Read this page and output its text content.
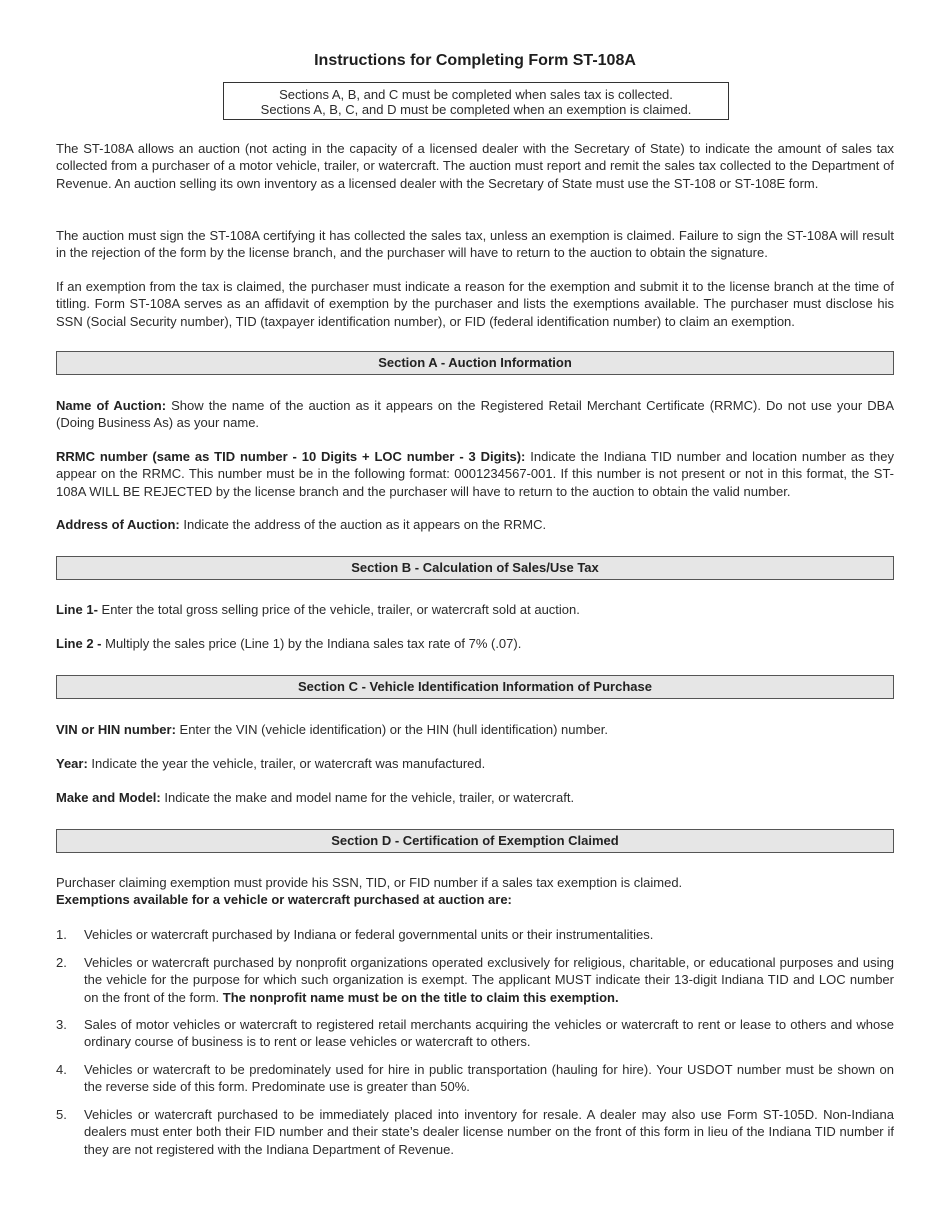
Instructions for Completing Form ST-108A
Sections A, B, and C must be completed when sales tax is collected.
Sections A, B, C, and D must be completed when an exemption is claimed.

The ST-108A allows an auction (not acting in the capacity of a licensed dealer with the Secretary of State) to indicate the amount of sales tax collected from a purchaser of a motor vehicle, trailer, or watercraft. The auction must report and remit the sales tax collected to the Department of Revenue. An auction selling its own inventory as a licensed dealer with the Secretary of State must use the ST-108 or ST-108E form.

The auction must sign the ST-108A certifying it has collected the sales tax, unless an exemption is claimed. Failure to sign the ST-108A will result in the rejection of the form by the license branch, and the purchaser will have to return to the auction to obtain the signature.

If an exemption from the tax is claimed, the purchaser must indicate a reason for the exemption and submit it to the license branch at the time of titling. Form ST-108A serves as an affidavit of exemption by the purchaser and lists the exemptions available. The purchaser must disclose his SSN (Social Security number), TID (taxpayer identification number), or FID (federal identification number) to claim an exemption.

Section A - Auction Information

Name of Auction: Show the name of the auction as it appears on the Registered Retail Merchant Certificate (RRMC). Do not use your DBA (Doing Business As) as your name.

RRMC number (same as TID number - 10 Digits + LOC number - 3 Digits): Indicate the Indiana TID number and location number as they appear on the RRMC. This number must be in the following format: 0001234567-001. If this number is not present or not in this format, the ST-108A WILL BE REJECTED by the license branch and the purchaser will have to return to the auction to obtain the valid number.

Address of Auction: Indicate the address of the auction as it appears on the RRMC.

Section B - Calculation of Sales/Use Tax

Line 1- Enter the total gross selling price of the vehicle, trailer, or watercraft sold at auction.

Line 2 - Multiply the sales price (Line 1) by the Indiana sales tax rate of 7% (.07).

Section C - Vehicle Identification Information of Purchase

VIN or HIN number: Enter the VIN (vehicle identification) or the HIN (hull identification) number.

Year: Indicate the year the vehicle, trailer, or watercraft was manufactured.

Make and Model: Indicate the make and model name for the vehicle, trailer, or watercraft.

Section D - Certification of Exemption Claimed

Purchaser claiming exemption must provide his SSN, TID, or FID number if a sales tax exemption is claimed.
Exemptions available for a vehicle or watercraft purchased at auction are:

1.	Vehicles or watercraft purchased by Indiana or federal governmental units or their instrumentalities.
2.	Vehicles or watercraft purchased by nonprofit organizations operated exclusively for religious, charitable, or educational purposes and using the vehicle for the purpose for which such organization is exempt. The applicant MUST indicate their 13-digit Indiana TID and LOC number on the front of the form. The nonprofit name must be on the title to claim this exemption.
3.	Sales of motor vehicles or watercraft to registered retail merchants acquiring the vehicles or watercraft to rent or lease to others and whose ordinary course of business is to rent or lease vehicles or watercraft to others.
4.	Vehicles or watercraft to be predominately used for hire in public transportation (hauling for hire). Your USDOT number must be shown on the reverse side of this form. Predominate use is greater than 50%.
5.	Vehicles or watercraft purchased to be immediately placed into inventory for resale. A dealer may also use Form ST-105D. Non-Indiana dealers must enter both their FID number and their state’s dealer license number on the front of this form in lieu of the Indiana TID number if they are not registered with the Indiana Department of Revenue.
